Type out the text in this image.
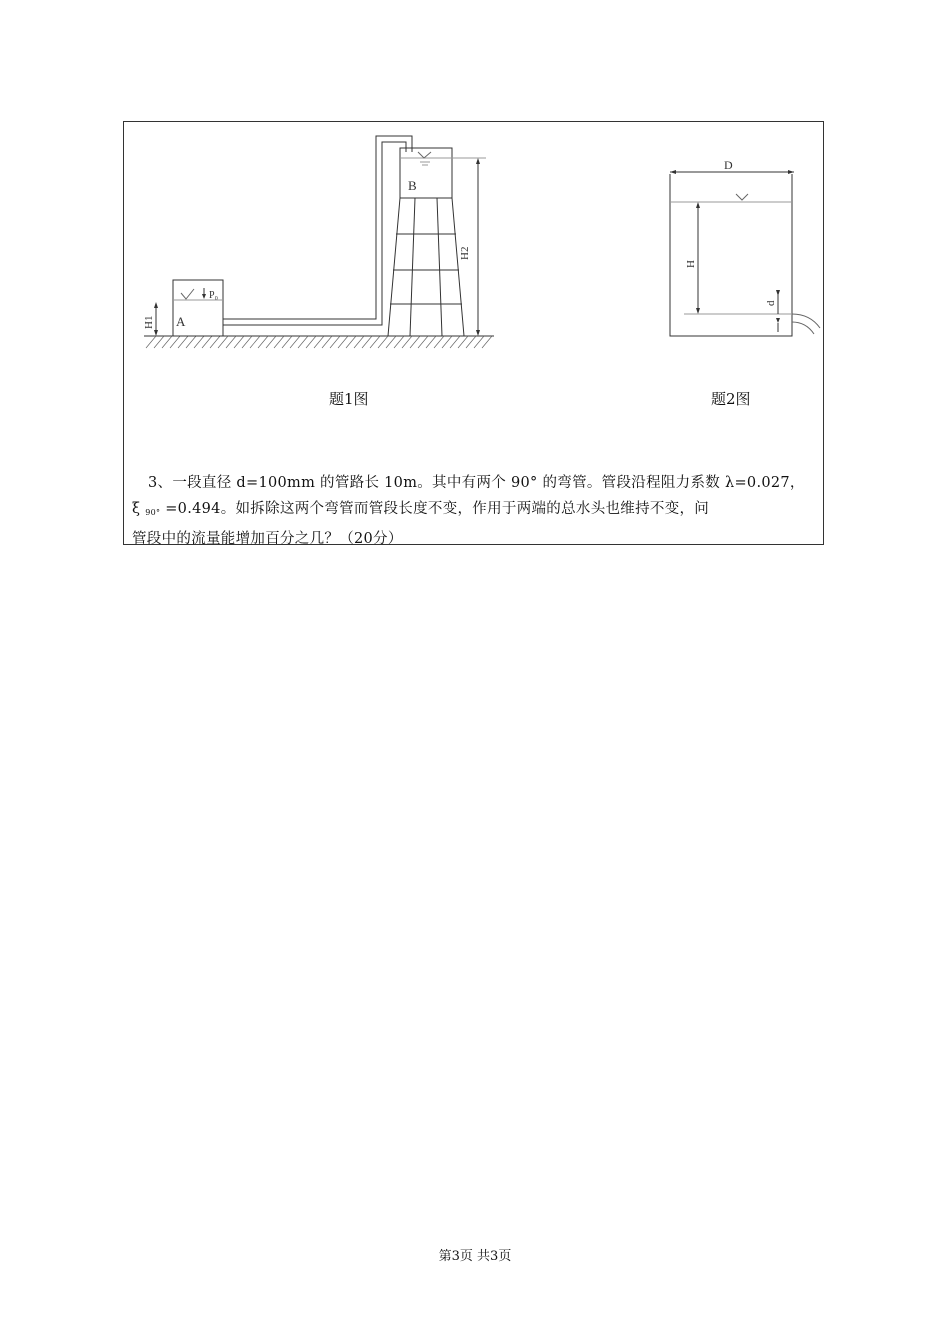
A
P₀
B
H1
H2
D
H
d
题1图	题2图

3、一段直径 d=100mm 的管路长 10m。其中有两个 90° 的弯管。管段沿程阻力系数 λ=0.027，

ξ $_{90^\circ}$ =0.494。如拆除这两个弯管而管段长度不变，作用于两端的总水头也维持不变，问

管段中的流量能增加百分之几？（20分）

第3页 共3页
